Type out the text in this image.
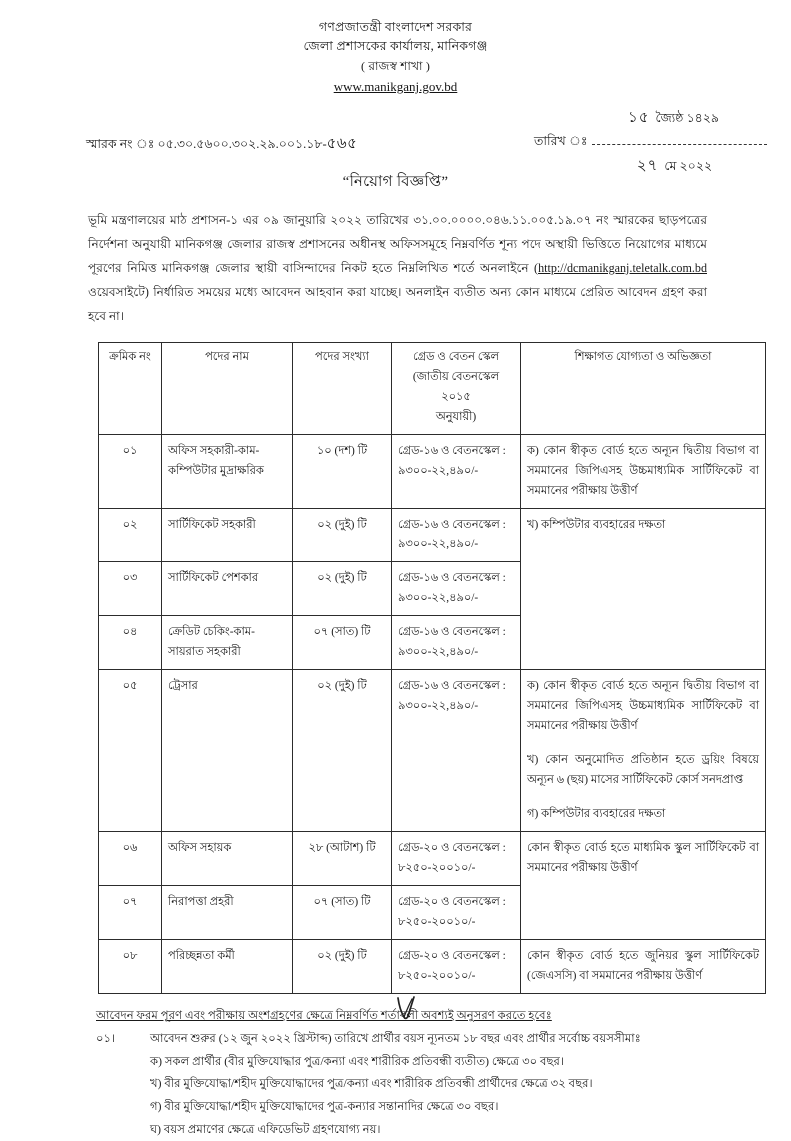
গণপ্রজাতন্ত্রী বাংলাদেশ সরকার
জেলা প্রশাসকের কার্যালয়, মানিকগঞ্জ
( রাজস্ব শাখা )
www.manikganj.gov.bd
স্মারক নং ঃ ০৫.৩০.৫৬০০.৩০২.২৯.০০১.১৮-৫৬৫
১৫ জ্যৈষ্ঠ ১৪২৯
তারিখ ঃ
২৭ মে ২০২২
“নিয়োগ বিজ্ঞপ্তি”

ভূমি মন্ত্রণালয়ের মাঠ প্রশাসন-১ এর ০৯ জানুয়ারি ২০২২ তারিখের ৩১.০০.০০০০.০৪৬.১১.০০৫.১৯.০৭ নং স্মারকের ছাড়পত্রের নির্দেশনা অনুযায়ী মানিকগঞ্জ জেলার রাজস্ব প্রশাসনের অধীনস্থ অফিসসমূহে নিম্নবর্ণিত শূন্য পদে অস্থায়ী ভিত্তিতে নিয়োগের মাধ্যমে পূরণের নিমিত্ত মানিকগঞ্জ জেলার স্থায়ী বাসিন্দাদের নিকট হতে নিম্নলিখিত শর্তে অনলাইনে (http://dcmanikganj.teletalk.com.bd ওয়েবসাইটে) নির্ধারিত সময়ের মধ্যে আবেদন আহবান করা যাচ্ছে। অনলাইন ব্যতীত অন্য কোন মাধ্যমে প্রেরিত আবেদন গ্রহণ করা হবে না।

ক্রমিক নং	পদের নাম	পদের সংখ্যা	গ্রেড ও বেতন স্কেল
(জাতীয় বেতনস্কেল ২০১৫
অনুযায়ী)	শিক্ষাগত যোগ্যতা ও অভিজ্ঞতা
০১	অফিস সহকারী-কাম-কম্পিউটার মুদ্রাক্ষরিক	১০ (দশ) টি	গ্রেড-১৬ ও বেতনস্কেল : ৯৩০০-২২,৪৯০/-	ক) কোন স্বীকৃত বোর্ড হতে অন্যূন দ্বিতীয় বিভাগ বা সমমানের জিপিএসহ উচ্চমাধ্যমিক সার্টিফিকেট বা সমমানের পরীক্ষায় উত্তীর্ণ

০২	সার্টিফিকেট সহকারী	০২ (দুই) টি	গ্রেড-১৬ ও বেতনস্কেল : ৯৩০০-২২,৪৯০/-	খ) কম্পিউটার ব্যবহারের দক্ষতা

০৩	সার্টিফিকেট পেশকার	০২ (দুই) টি	গ্রেড-১৬ ও বেতনস্কেল : ৯৩০০-২২,৪৯০/-	
০৪	ক্রেডিট চেকিং-কাম-সায়রাত সহকারী	০৭ (সাত) টি	গ্রেড-১৬ ও বেতনস্কেল : ৯৩০০-২২,৪৯০/-	
০৫	ট্রেসার	০২ (দুই) টি	গ্রেড-১৬ ও বেতনস্কেল : ৯৩০০-২২,৪৯০/-	ক) কোন স্বীকৃত বোর্ড হতে অন্যূন দ্বিতীয় বিভাগ বা সমমানের জিপিএসহ উচ্চমাধ্যমিক সার্টিফিকেট বা সমমানের পরীক্ষায় উত্তীর্ণ
খ) কোন অনুমোদিত প্রতিষ্ঠান হতে ড্রয়িং বিষয়ে অন্যূন ৬ (ছয়) মাসের সার্টিফিকেট কোর্স সনদপ্রাপ্ত
গ) কম্পিউটার ব্যবহারের দক্ষতা

০৬	অফিস সহায়ক	২৮ (আটাশ) টি	গ্রেড-২০ ও বেতনস্কেল : ৮২৫০-২০০১০/-	কোন স্বীকৃত বোর্ড হতে মাধ্যমিক স্কুল সার্টিফিকেট বা সমমানের পরীক্ষায় উত্তীর্ণ

০৭	নিরাপত্তা প্রহরী	০৭ (সাত) টি	গ্রেড-২০ ও বেতনস্কেল : ৮২৫০-২০০১০/-	
০৮	পরিচ্ছন্নতা কর্মী	০২ (দুই) টি	গ্রেড-২০ ও বেতনস্কেল : ৮২৫০-২০০১০/-	কোন স্বীকৃত বোর্ড হতে জুনিয়র স্কুল সার্টিফিকেট (জেএসসি) বা সমমানের পরীক্ষায় উত্তীর্ণ
আবেদন ফরম পূরণ এবং পরীক্ষায় অংশগ্রহণের ক্ষেত্রে নিম্নবর্ণিত শর্তাবলী অবশ্যই অনুসরণ করতে হবেঃ
০১।	আবেদন শুরুর (১২ জুন ২০২২ খ্রিস্টাব্দ) তারিখে প্রার্থীর বয়স ন্যূনতম ১৮ বছর এবং প্রার্থীর সর্বোচ্চ বয়সসীমাঃ
ক) সকল প্রার্থীর (বীর মুক্তিযোদ্ধার পুত্র/কন্যা এবং শারীরিক প্রতিবন্ধী ব্যতীত) ক্ষেত্রে ৩০ বছর।
খ) বীর মুক্তিযোদ্ধা/শহীদ মুক্তিযোদ্ধাদের পুত্র/কন্যা এবং শারীরিক প্রতিবন্ধী প্রার্থীদের ক্ষেত্রে ৩২ বছর।
গ) বীর মুক্তিযোদ্ধা/শহীদ মুক্তিযোদ্ধাদের পুত্র-কন্যার সন্তানাদির ক্ষেত্রে ৩০ বছর।
ঘ) বয়স প্রমাণের ক্ষেত্রে এফিডেভিট গ্রহণযোগ্য নয়।
